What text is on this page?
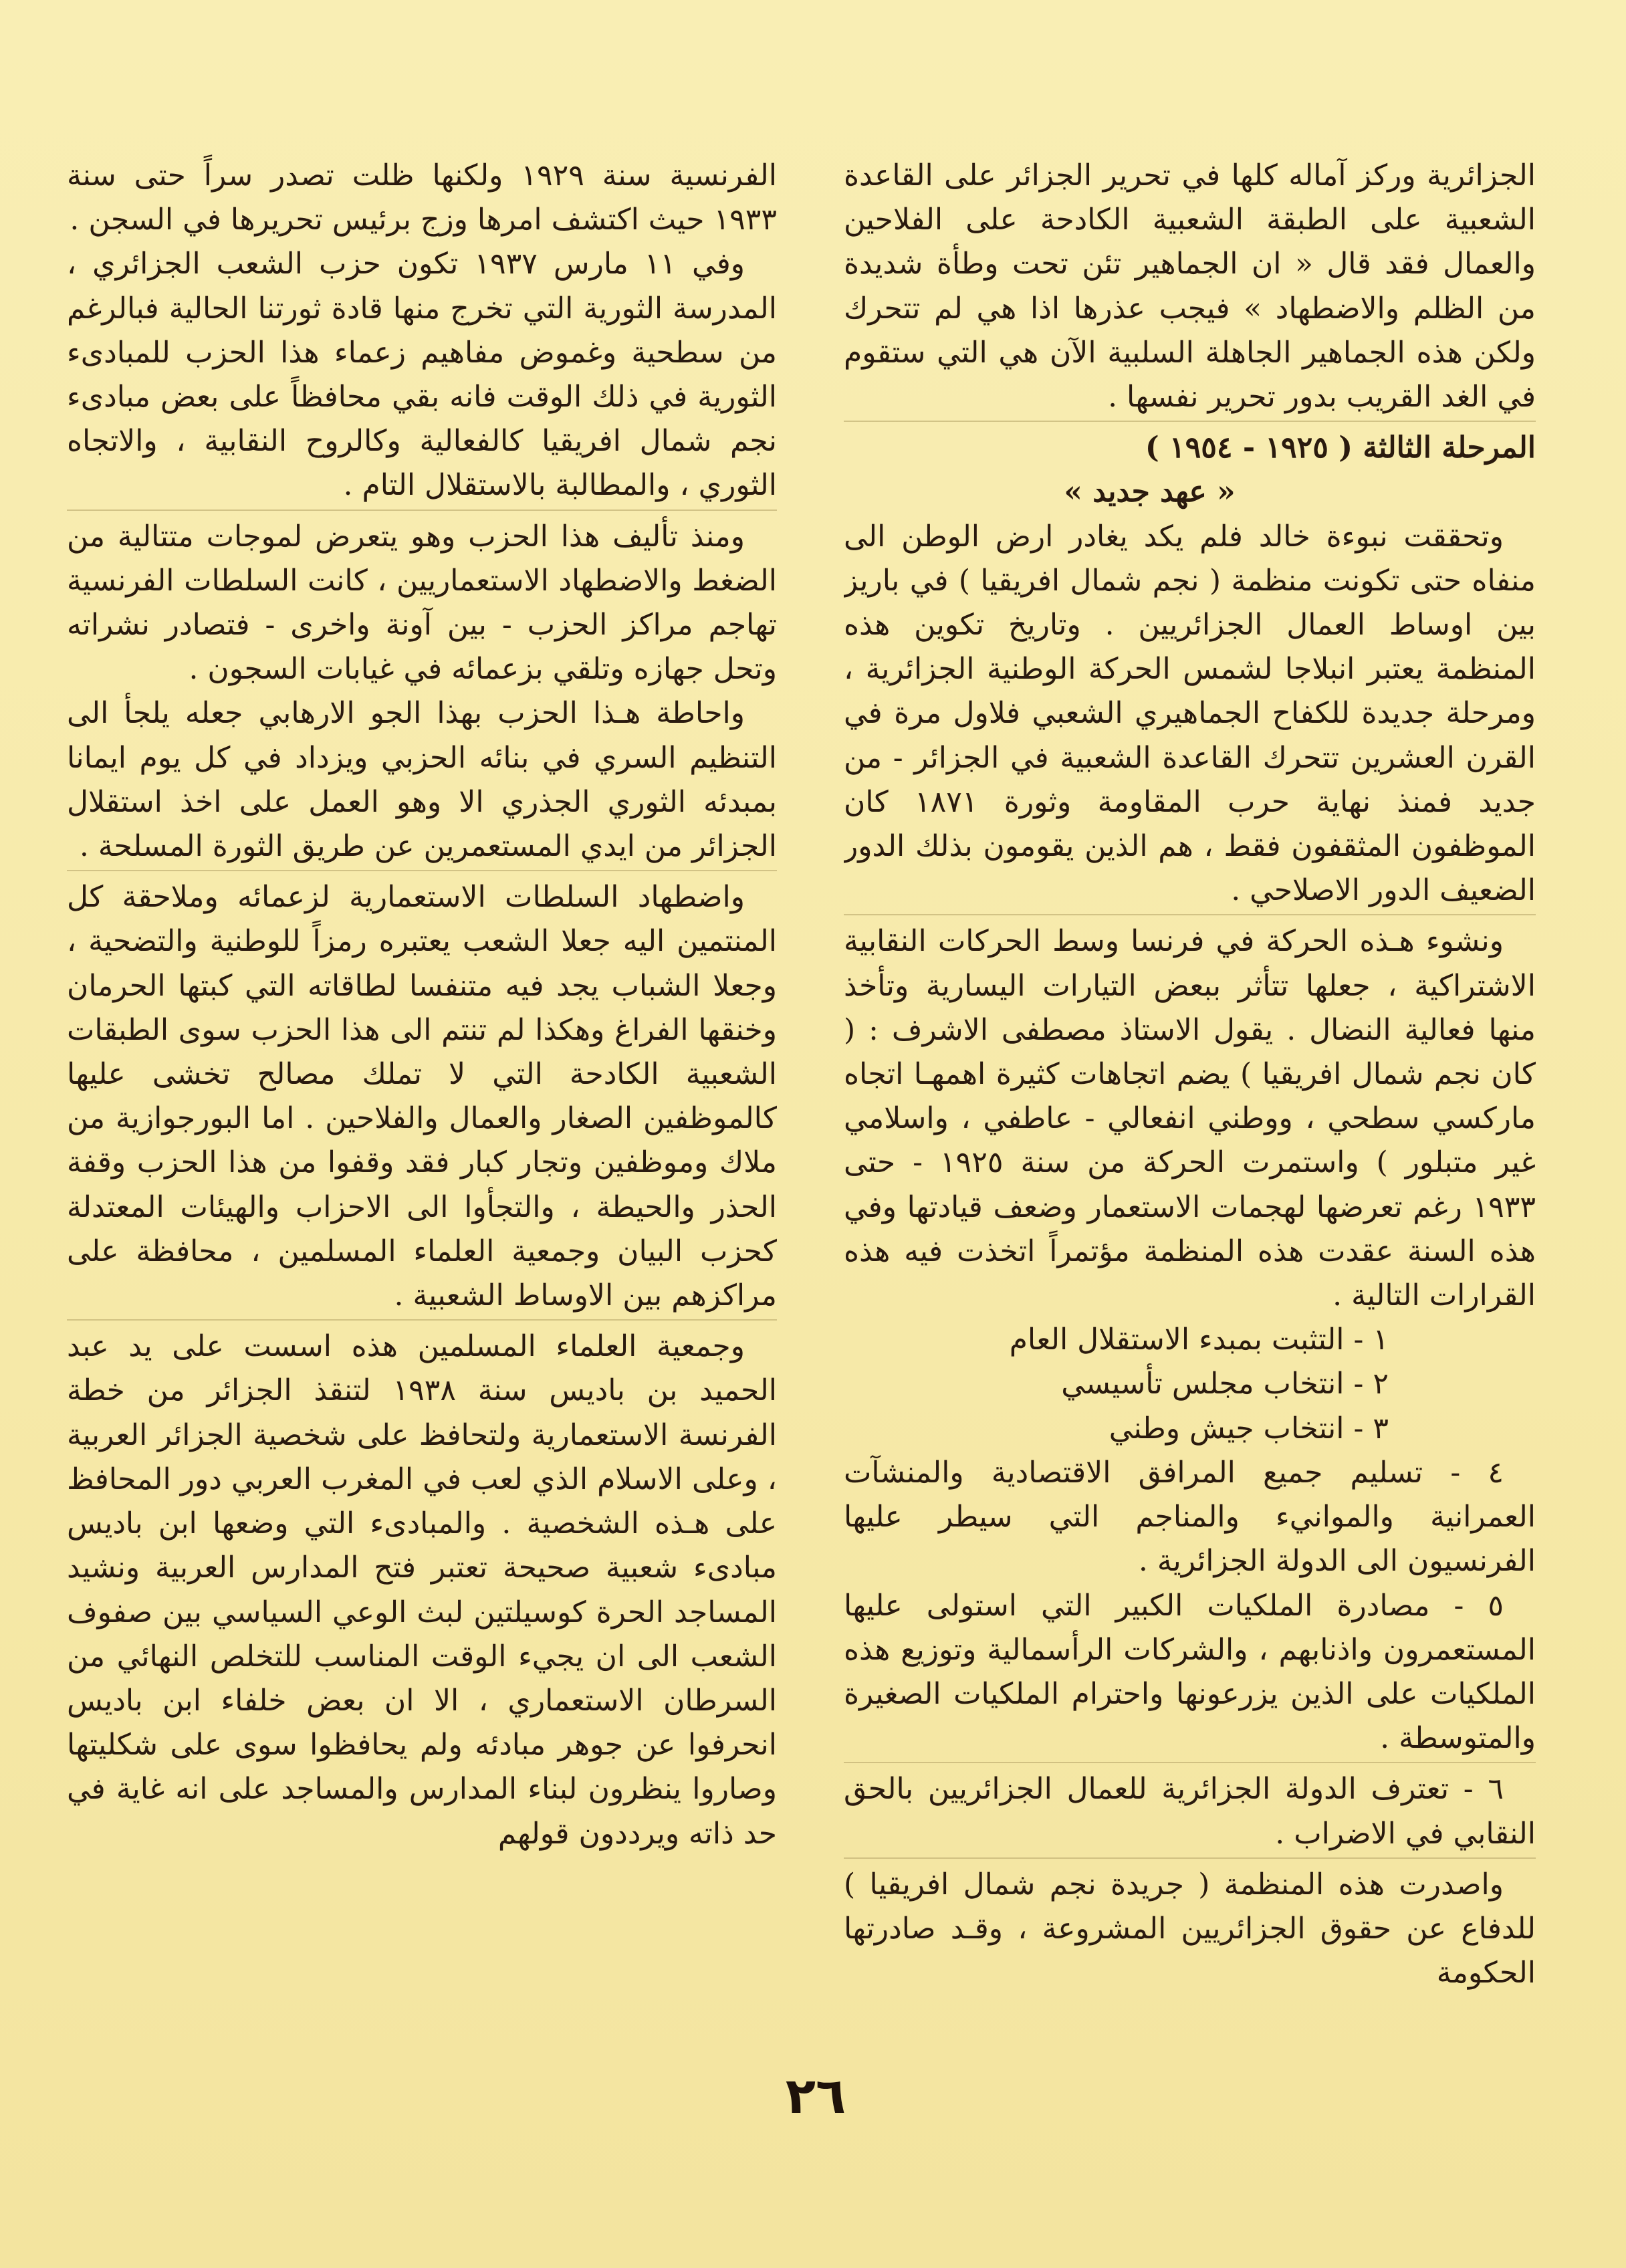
الجزائرية وركز آماله كلها في تحرير الجزائر على القاعدة الشعبية على الطبقة الشعبية الكادحة على الفلاحين والعمال فقد قال « ان الجماهير تئن تحت وطأة شديدة من الظلم والاضطهاد » فيجب عذرها اذا هي لم تتحرك ولكن هذه الجماهير الجاهلة السلبية الآن هي التي ستقوم في الغد القريب بدور تحرير نفسها .

المرحلة الثالثة ( ١٩٢٥ - ١٩٥٤ )

« عهد جديد »

وتحققت نبوءة خالد فلم يكد يغادر ارض الوطن الى منفاه حتى تكونت منظمة ( نجم شمال افريقيا ) في باريز بين اوساط العمال الجزائريين . وتاريخ تكوين هذه المنظمة يعتبر انبلاجا لشمس الحركة الوطنية الجزائرية ، ومرحلة جديدة للكفاح الجماهيري الشعبي فلاول مرة في القرن العشرين تتحرك القاعدة الشعبية في الجزائر - من جديد فمنذ نهاية حرب المقاومة وثورة ١٨٧١ كان الموظفون المثقفون فقط ، هم الذين يقومون بذلك الدور الضعيف الدور الاصلاحي .

ونشوء هـذه الحركة في فرنسا وسط الحركات النقابية الاشتراكية ، جعلها تتأثر ببعض التيارات اليسارية وتأخذ منها فعالية النضال . يقول الاستاذ مصطفى الاشرف : ( كان نجم شمال افريقيا ) يضم اتجاهات كثيرة اهمهـا اتجاه ماركسي سطحي ، ووطني انفعالي - عاطفي ، واسلامي غير متبلور ) واستمرت الحركة من سنة ١٩٢٥ - حتى ١٩٣٣ رغم تعرضها لهجمات الاستعمار وضعف قيادتها وفي هذه السنة عقدت هذه المنظمة مؤتمراً اتخذت فيه هذه القرارات التالية .

١ - التثبت بمبدء الاستقلال العام

٢ - انتخاب مجلس تأسيسي

٣ - انتخاب جيش وطني

٤ - تسليم جميع المرافق الاقتصادية والمنشآت العمرانية والموانيء والمناجم التي سيطر عليها الفرنسيون الى الدولة الجزائرية .

٥ - مصادرة الملكيات الكبير التي استولى عليها المستعمرون واذنابهم ، والشركات الرأسمالية وتوزيع هذه الملكيات على الذين يزرعونها واحترام الملكيات الصغيرة والمتوسطة .

٦ - تعترف الدولة الجزائرية للعمال الجزائريين بالحق النقابي في الاضراب .

واصدرت هذه المنظمة ( جريدة نجم شمال افريقيا ) للدفاع عن حقوق الجزائريين المشروعة ، وقـد صادرتها الحكومة

الفرنسية سنة ١٩٢٩ ولكنها ظلت تصدر سراً حتى سنة ١٩٣٣ حيث اكتشف امرها وزج برئيس تحريرها في السجن .

وفي ١١ مارس ١٩٣٧ تكون حزب الشعب الجزائري ، المدرسة الثورية التي تخرج منها قادة ثورتنا الحالية فبالرغم من سطحية وغموض مفاهيم زعماء هذا الحزب للمبادىء الثورية في ذلك الوقت فانه بقي محافظاً على بعض مبادىء نجم شمال افريقيا كالفعالية وكالروح النقابية ، والاتجاه الثوري ، والمطالبة بالاستقلال التام .

ومنذ تأليف هذا الحزب وهو يتعرض لموجات متتالية من الضغط والاضطهاد الاستعماريين ، كانت السلطات الفرنسية تهاجم مراكز الحزب - بين آونة واخرى - فتصادر نشراته وتحل جهازه وتلقي بزعمائه في غيابات السجون .

واحاطة هـذا الحزب بهذا الجو الارهابي جعله يلجأ الى التنظيم السري في بنائه الحزبي ويزداد في كل يوم ايمانا بمبدئه الثوري الجذري الا وهو العمل على اخذ استقلال الجزائر من ايدي المستعمرين عن طريق الثورة المسلحة .

واضطهاد السلطات الاستعمارية لزعمائه وملاحقة كل المنتمين اليه جعلا الشعب يعتبره رمزاً للوطنية والتضحية ، وجعلا الشباب يجد فيه متنفسا لطاقاته التي كبتها الحرمان وخنقها الفراغ وهكذا لم تنتم الى هذا الحزب سوى الطبقات الشعبية الكادحة التي لا تملك مصالح تخشى عليها كالموظفين الصغار والعمال والفلاحين . اما البورجوازية من ملاك وموظفين وتجار كبار فقد وقفوا من هذا الحزب وقفة الحذر والحيطة ، والتجأوا الى الاحزاب والهيئات المعتدلة كحزب البيان وجمعية العلماء المسلمين ، محافظة على مراكزهم بين الاوساط الشعبية .

وجمعية العلماء المسلمين هذه اسست على يد عبد الحميد بن باديس سنة ١٩٣٨ لتنقذ الجزائر من خطة الفرنسة الاستعمارية ولتحافظ على شخصية الجزائر العربية ، وعلى الاسلام الذي لعب في المغرب العربي دور المحافظ على هـذه الشخصية . والمبادىء التي وضعها ابن باديس مبادىء شعبية صحيحة تعتبر فتح المدارس العربية ونشيد المساجد الحرة كوسيلتين لبث الوعي السياسي بين صفوف الشعب الى ان يجيء الوقت المناسب للتخلص النهائي من السرطان الاستعماري ، الا ان بعض خلفاء ابن باديس انحرفوا عن جوهر مبادئه ولم يحافظوا سوى على شكليتها وصاروا ينظرون لبناء المدارس والمساجد على انه غاية في حد ذاته ويرددون قولهم

٢٦
